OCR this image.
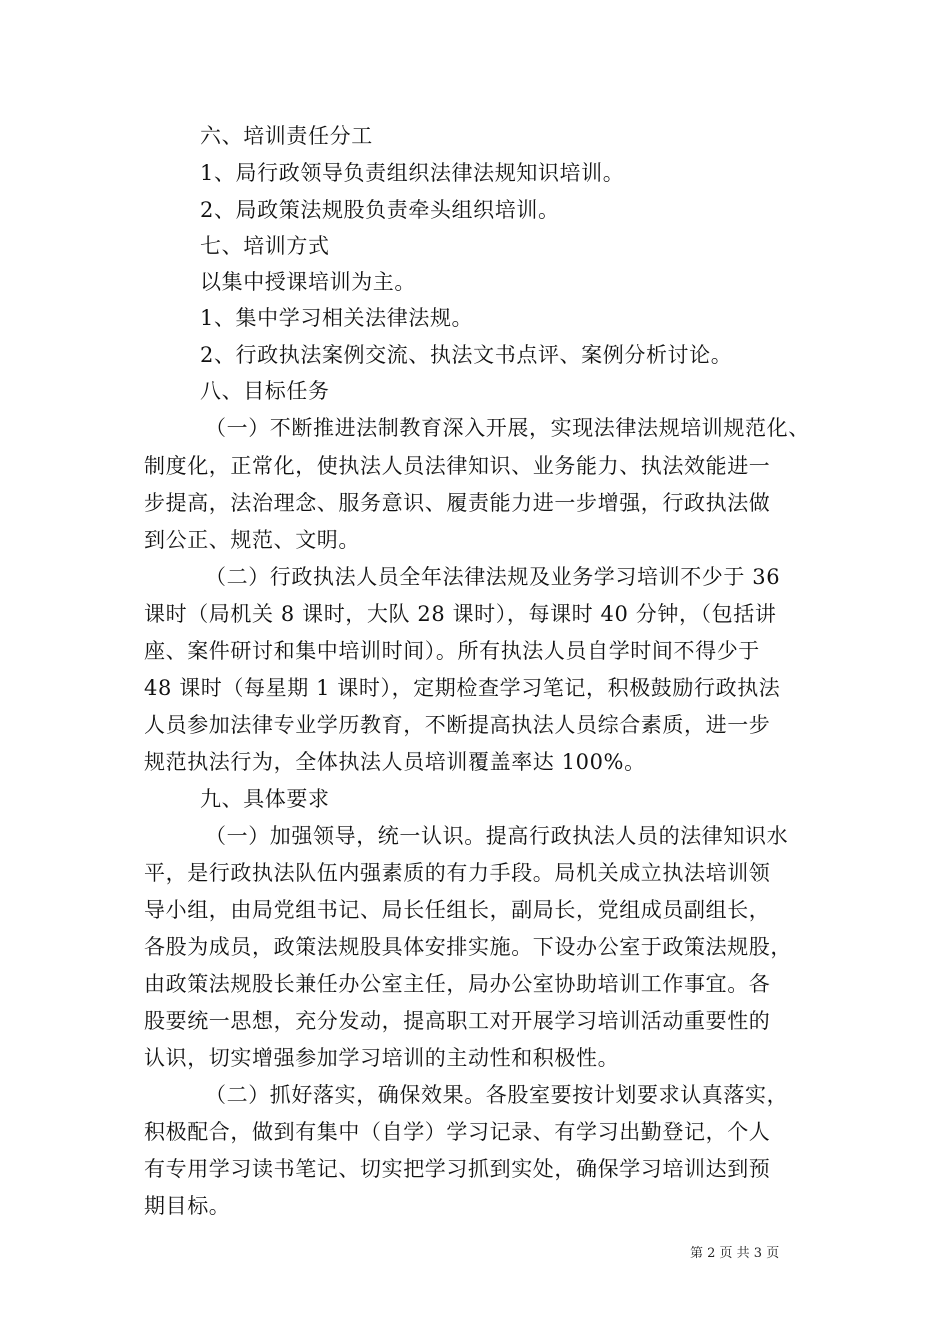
六、培训责任分工
1、局行政领导负责组织法律法规知识培训。
2、局政策法规股负责牵头组织培训。
七、培训方式
以集中授课培训为主。
1、集中学习相关法律法规。
2、行政执法案例交流、执法文书点评、案例分析讨论。
八、目标任务
（一）不断推进法制教育深入开展，实现法律法规培训规范化、
制度化，正常化，使执法人员法律知识、业务能力、执法效能进一
步提高，法治理念、服务意识、履责能力进一步增强，行政执法做
到公正、规范、文明。
（二）行政执法人员全年法律法规及业务学习培训不少于 36
课时（局机关 8 课时，大队 28 课时），每课时 40 分钟，（包括讲
座、案件研讨和集中培训时间）。所有执法人员自学时间不得少于
48 课时（每星期 1 课时），定期检查学习笔记，积极鼓励行政执法
人员参加法律专业学历教育，不断提高执法人员综合素质，进一步
规范执法行为，全体执法人员培训覆盖率达 100%。
九、具体要求
（一）加强领导，统一认识。提高行政执法人员的法律知识水
平，是行政执法队伍内强素质的有力手段。局机关成立执法培训领
导小组，由局党组书记、局长任组长，副局长，党组成员副组长，
各股为成员，政策法规股具体安排实施。下设办公室于政策法规股，
由政策法规股长兼任办公室主任，局办公室协助培训工作事宜。各
股要统一思想，充分发动，提高职工对开展学习培训活动重要性的
认识，切实增强参加学习培训的主动性和积极性。
（二）抓好落实，确保效果。各股室要按计划要求认真落实，
积极配合，做到有集中（自学）学习记录、有学习出勤登记，个人
有专用学习读书笔记、切实把学习抓到实处，确保学习培训达到预
期目标。
第 2 页 共 3 页
